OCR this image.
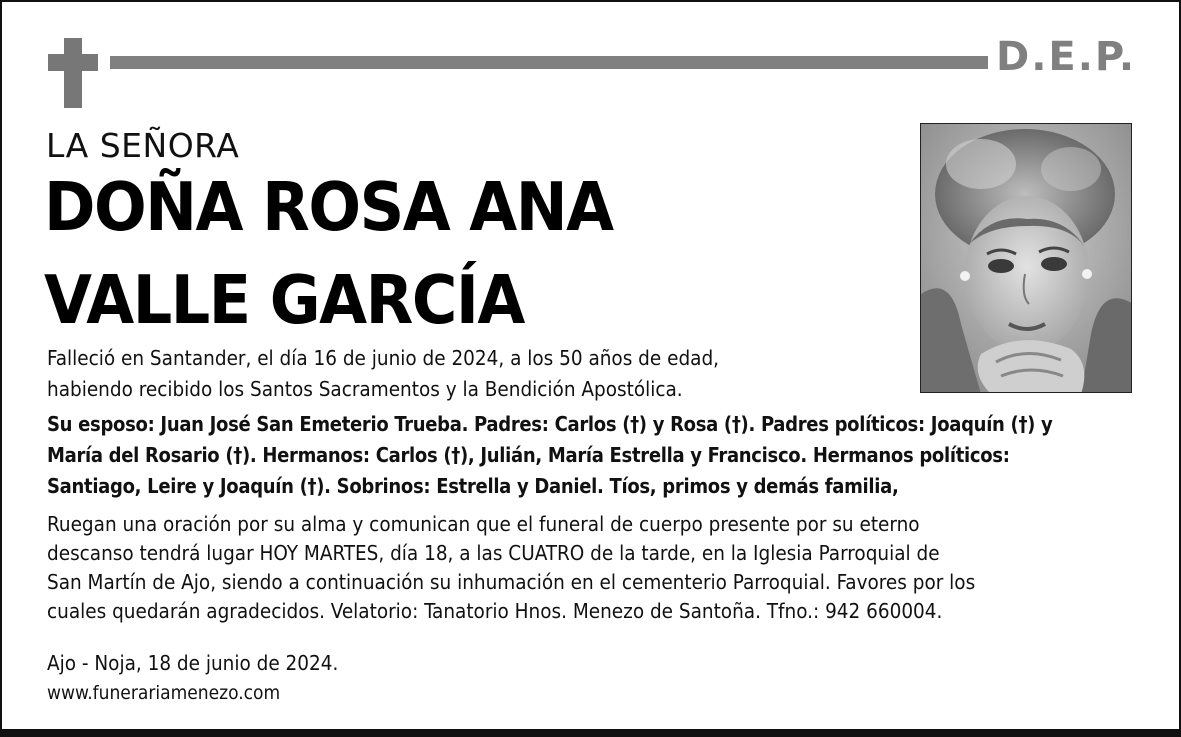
D.E.P.
LA SEÑORA
DOÑA ROSA ANA
VALLE GARCÍA
Falleció en Santander, el día 16 de junio de 2024, a los 50 años de edad,
habiendo recibido los Santos Sacramentos y la Bendición Apostólica.
Su esposo: Juan José San Emeterio Trueba. Padres: Carlos (†) y Rosa (†). Padres políticos: Joaquín (†) y
María del Rosario (†). Hermanos: Carlos (†), Julián, María Estrella y Francisco. Hermanos políticos:
Santiago, Leire y Joaquín (†). Sobrinos: Estrella y Daniel. Tíos, primos y demás familia,
Ruegan una oración por su alma y comunican que el funeral de cuerpo presente por su eterno
descanso tendrá lugar HOY MARTES, día 18, a las CUATRO de la tarde, en la Iglesia Parroquial de
San Martín de Ajo, siendo a continuación su inhumación en el cementerio Parroquial. Favores por los
cuales quedarán agradecidos. Velatorio: Tanatorio Hnos. Menezo de Santoña. Tfno.: 942 660004.
Ajo - Noja, 18 de junio de 2024.
www.funerariamenezo.com
